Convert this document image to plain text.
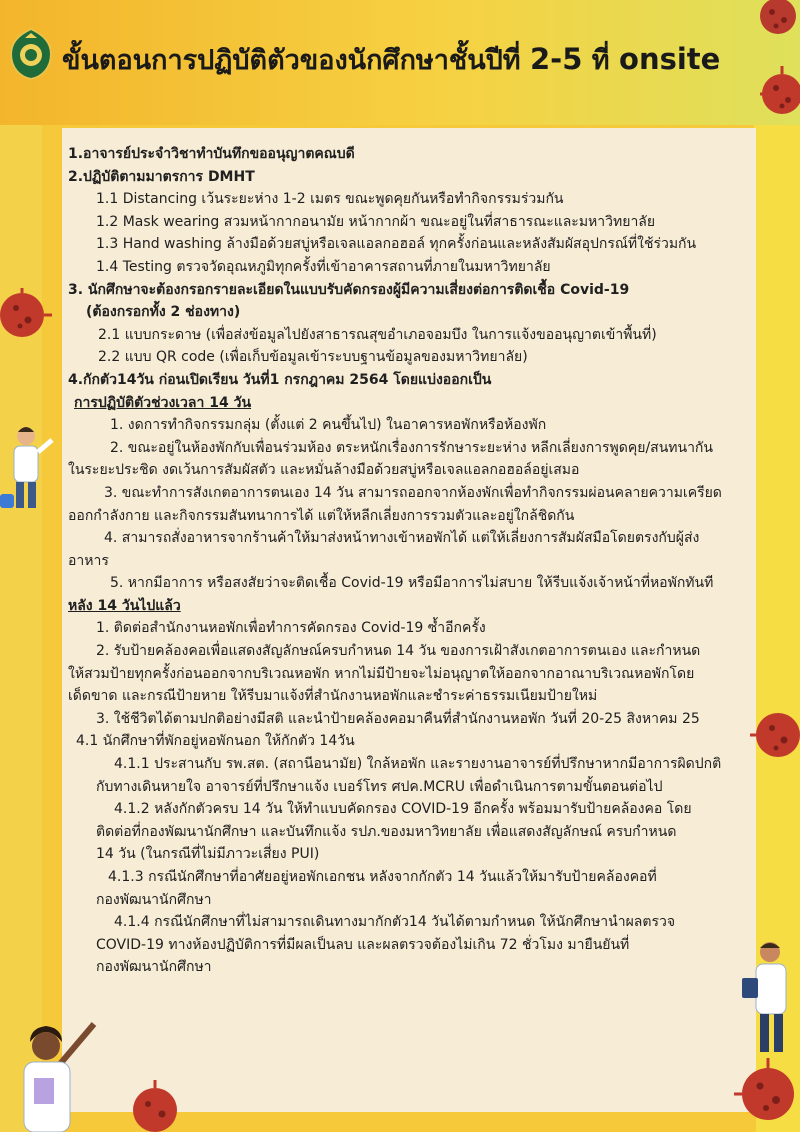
ขั้นตอนการปฏิบัติตัวของนักศึกษาชั้นปีที่ 2-5 ที่ onsite
1.อาจารย์ประจำวิชาทำบันทึกขออนุญาตคณบดี
2.ปฏิบัติตามมาตรการ DMHT
1.1 Distancing เว้นระยะห่าง 1-2 เมตร ขณะพูดคุยกันหรือทำกิจกรรมร่วมกัน
1.2 Mask wearing สวมหน้ากากอนามัย หน้ากากผ้า ขณะอยู่ในที่สาธารณะและมหาวิทยาลัย
1.3 Hand washing ล้างมือด้วยสบู่หรือเจลแอลกอฮอล์ ทุกครั้งก่อนและหลังสัมผัสอุปกรณ์ที่ใช้ร่วมกัน
1.4 Testing ตรวจวัดอุณหภูมิทุกครั้งที่เข้าอาคารสถานที่ภายในมหาวิทยาลัย
3. นักศึกษาจะต้องกรอกรายละเอียดในแบบรับคัดกรองผู้มีความเสี่ยงต่อการติดเชื้อ Covid-19
(ต้องกรอกทั้ง 2 ช่องทาง)
2.1 แบบกระดาษ (เพื่อส่งข้อมูลไปยังสาธารณสุขอำเภอจอมบึง ในการแจ้งขออนุญาตเข้าพื้นที่)
2.2 แบบ QR code (เพื่อเก็บข้อมูลเข้าระบบฐานข้อมูลของมหาวิทยาลัย)
4.กักตัว14วัน ก่อนเปิดเรียน วันที่1 กรกฎาคม 2564 โดยแบ่งออกเป็น
การปฏิบัติตัวช่วงเวลา 14 วัน
1. งดการทำกิจกรรมกลุ่ม (ตั้งแต่ 2 คนขึ้นไป) ในอาคารหอพักหรือห้องพัก
2. ขณะอยู่ในห้องพักกับเพื่อนร่วมห้อง ตระหนักเรื่องการรักษาระยะห่าง หลีกเลี่ยงการพูดคุย/สนทนากัน
ในระยะประชิด งดเว้นการสัมผัสตัว และหมั่นล้างมือด้วยสบู่หรือเจลแอลกอฮอล์อยู่เสมอ
3. ขณะทำการสังเกตอาการตนเอง 14 วัน สามารถออกจากห้องพักเพื่อทำกิจกรรมผ่อนคลายความเครียด
ออกกำลังกาย และกิจกรรมสันทนาการได้ แต่ให้หลีกเลี่ยงการรวมตัวและอยู่ใกล้ชิดกัน
4. สามารถสั่งอาหารจากร้านค้าให้มาส่งหน้าทางเข้าหอพักได้ แต่ให้เลี่ยงการสัมผัสมือโดยตรงกับผู้ส่ง
อาหาร
5. หากมีอาการ หรือสงสัยว่าจะติดเชื้อ Covid-19 หรือมีอาการไม่สบาย ให้รีบแจ้งเจ้าหน้าที่หอพักทันที
หลัง 14 วันไปแล้ว
1. ติดต่อสำนักงานหอพักเพื่อทำการคัดกรอง Covid-19 ซ้ำอีกครั้ง
2. รับป้ายคล้องคอเพื่อแสดงสัญลักษณ์ครบกำหนด 14 วัน ของการเฝ้าสังเกตอาการตนเอง และกำหนด
ให้สวมป้ายทุกครั้งก่อนออกจากบริเวณหอพัก หากไม่มีป้ายจะไม่อนุญาตให้ออกจากอาณาบริเวณหอพักโดย
เด็ดขาด และกรณีป้ายหาย ให้รีบมาแจ้งที่สำนักงานหอพักและชำระค่าธรรมเนียมป้ายใหม่
3. ใช้ชีวิตได้ตามปกติอย่างมีสติ และนำป้ายคล้องคอมาคืนที่สำนักงานหอพัก วันที่ 20-25 สิงหาคม 25
4.1 นักศึกษาที่พักอยู่หอพักนอก ให้กักตัว 14วัน
4.1.1 ประสานกับ รพ.สต. (สถานีอนามัย) ใกล้หอพัก และรายงานอาจารย์ที่ปรึกษาหากมีอาการผิดปกติ
กับทางเดินหายใจ อาจารย์ที่ปรึกษาแจ้ง เบอร์โทร ศปค.MCRU เพื่อดำเนินการตามขั้นตอนต่อไป
4.1.2 หลังกักตัวครบ 14 วัน ให้ทำแบบคัดกรอง COVID-19 อีกครั้ง พร้อมมารับป้ายคล้องคอ โดย
ติดต่อที่กองพัฒนานักศึกษา และบันทึกแจ้ง รปภ.ของมหาวิทยาลัย เพื่อแสดงสัญลักษณ์ ครบกำหนด
14 วัน (ในกรณีที่ไม่มีภาวะเสี่ยง PUI)
4.1.3 กรณีนักศึกษาที่อาศัยอยู่หอพักเอกชน หลังจากกักตัว 14 วันแล้วให้มารับป้ายคล้องคอที่
กองพัฒนานักศึกษา
4.1.4 กรณีนักศึกษาที่ไม่สามารถเดินทางมากักตัว14 วันได้ตามกำหนด ให้นักศึกษานำผลตรวจ
COVID-19 ทางห้องปฏิบัติการที่มีผลเป็นลบ และผลตรวจต้องไม่เกิน 72 ชั่วโมง มายืนยันที่
กองพัฒนานักศึกษา
